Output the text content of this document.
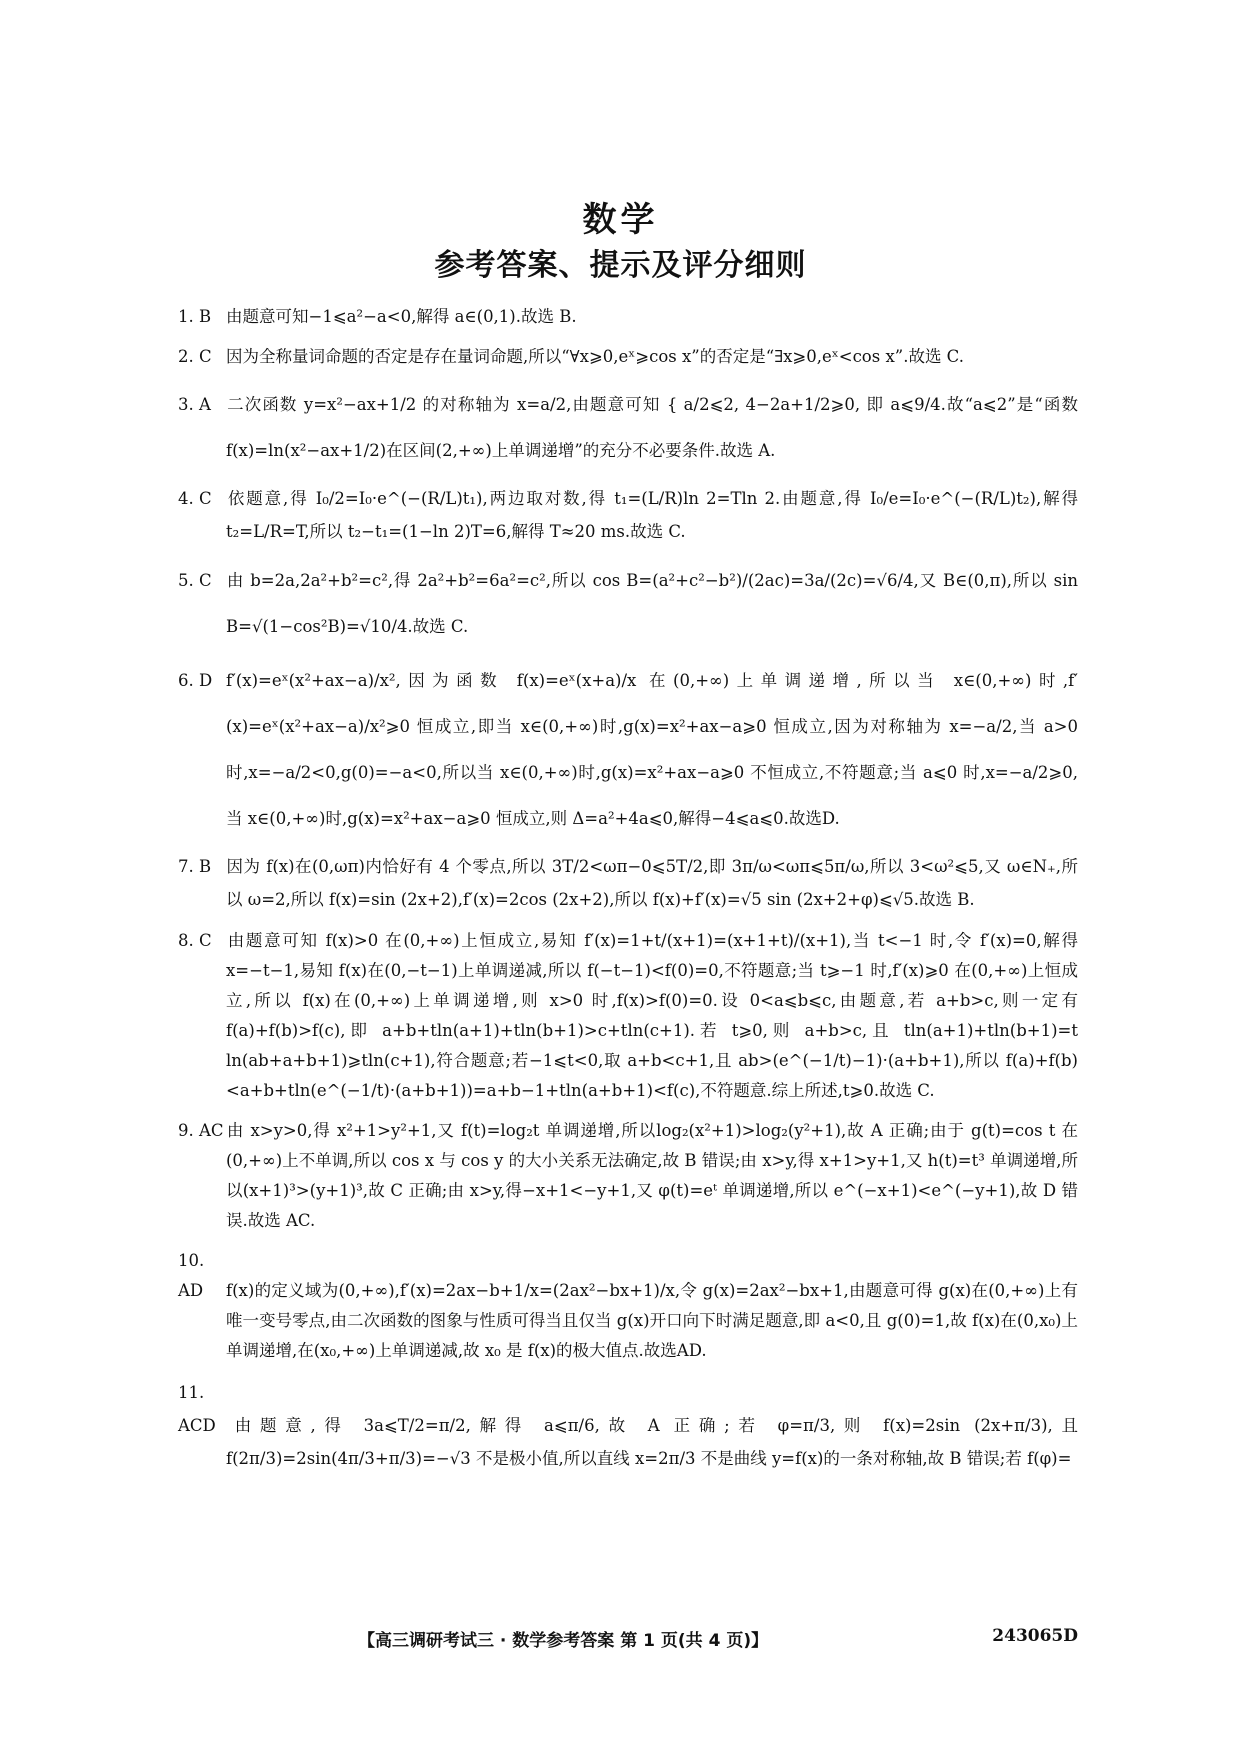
数学
参考答案、提示及评分细则
1. B 由题意可知−1⩽a²−a<0,解得 a∈(0,1).故选 B.
2. C 因为全称量词命题的否定是存在量词命题,所以“∀x⩾0,eˣ⩾cos x”的否定是“∃x⩾0,eˣ<cos x”.故选 C.
3. A 二次函数 y=x²−ax+1/2 的对称轴为 x=a/2,由题意可知 { a/2⩽2, 4−2a+1/2⩾0, 即 a⩽9/4.故“a⩽2”是“函数 f(x)=ln(x²−ax+1/2)在区间(2,+∞)上单调递增”的充分不必要条件.故选 A.
4. C 依题意,得 I₀/2=I₀·e^(−(R/L)t₁),两边取对数,得 t₁=(L/R)ln 2=Tln 2.由题意,得 I₀/e=I₀·e^(−(R/L)t₂),解得 t₂=L/R=T,所以 t₂−t₁=(1−ln 2)T=6,解得 T≈20 ms.故选 C.
5. C 由 b=2a,2a²+b²=c²,得 2a²+b²=6a²=c²,所以 cos B=(a²+c²−b²)/(2ac)=3a/(2c)=√6/4,又 B∈(0,π),所以 sin B=√(1−cos²B)=√10/4.故选 C.
6. D f′(x)=eˣ(x²+ax−a)/x²,因为函数 f(x)=eˣ(x+a)/x 在(0,+∞)上单调递增,所以当 x∈(0,+∞)时,f′(x)=eˣ(x²+ax−a)/x²⩾0 恒成立,即当 x∈(0,+∞)时,g(x)=x²+ax−a⩾0 恒成立,因为对称轴为 x=−a/2,当 a>0 时,x=−a/2<0,g(0)=−a<0,所以当 x∈(0,+∞)时,g(x)=x²+ax−a⩾0 不恒成立,不符题意;当 a⩽0 时,x=−a/2⩾0,当 x∈(0,+∞)时,g(x)=x²+ax−a⩾0 恒成立,则 Δ=a²+4a⩽0,解得−4⩽a⩽0.故选D.
7. B 因为 f(x)在(0,ωπ)内恰好有 4 个零点,所以 3T/2<ωπ−0⩽5T/2,即 3π/ω<ωπ⩽5π/ω,所以 3<ω²⩽5,又 ω∈N₊,所以 ω=2,所以 f(x)=sin (2x+2),f′(x)=2cos (2x+2),所以 f(x)+f′(x)=√5 sin (2x+2+φ)⩽√5.故选 B.
8. C 由题意可知 f(x)>0 在(0,+∞)上恒成立,易知 f′(x)=1+t/(x+1)=(x+1+t)/(x+1),当 t<−1 时,令 f′(x)=0,解得 x=−t−1,易知 f(x)在(0,−t−1)上单调递减,所以 f(−t−1)<f(0)=0,不符题意;当 t⩾−1 时,f′(x)⩾0 在(0,+∞)上恒成立,所以 f(x)在(0,+∞)上单调递增,则 x>0 时,f(x)>f(0)=0.设 0<a⩽b⩽c,由题意,若 a+b>c,则一定有 f(a)+f(b)>f(c),即 a+b+tln(a+1)+tln(b+1)>c+tln(c+1).若 t⩾0,则 a+b>c,且 tln(a+1)+tln(b+1)=t ln(ab+a+b+1)⩾tln(c+1),符合题意;若−1⩽t<0,取 a+b<c+1,且 ab>(e^(−1/t)−1)·(a+b+1),所以 f(a)+f(b)<a+b+tln(e^(−1/t)·(a+b+1))=a+b−1+tln(a+b+1)<f(c),不符题意.综上所述,t⩾0.故选 C.
9. AC 由 x>y>0,得 x²+1>y²+1,又 f(t)=log₂t 单调递增,所以log₂(x²+1)>log₂(y²+1),故 A 正确;由于 g(t)=cos t 在(0,+∞)上不单调,所以 cos x 与 cos y 的大小关系无法确定,故 B 错误;由 x>y,得 x+1>y+1,又 h(t)=t³ 单调递增,所以(x+1)³>(y+1)³,故 C 正确;由 x>y,得−x+1<−y+1,又 φ(t)=eᵗ 单调递增,所以 e^(−x+1)<e^(−y+1),故 D 错误.故选 AC.
10. AD f(x)的定义域为(0,+∞),f′(x)=2ax−b+1/x=(2ax²−bx+1)/x,令 g(x)=2ax²−bx+1,由题意可得 g(x)在(0,+∞)上有唯一变号零点,由二次函数的图象与性质可得当且仅当 g(x)开口向下时满足题意,即 a<0,且 g(0)=1,故 f(x)在(0,x₀)上单调递增,在(x₀,+∞)上单调递减,故 x₀ 是 f(x)的极大值点.故选AD.
11. ACD 由题意,得 3a⩽T/2=π/2,解得 a⩽π/6,故 A 正确;若 φ=π/3,则 f(x)=2sin (2x+π/3),且 f(2π/3)=2sin(4π/3+π/3)=−√3 不是极小值,所以直线 x=2π/3 不是曲线 y=f(x)的一条对称轴,故 B 错误;若 f(φ)=
【高三调研考试三 · 数学参考答案 第 1 页(共 4 页)】	243065D
